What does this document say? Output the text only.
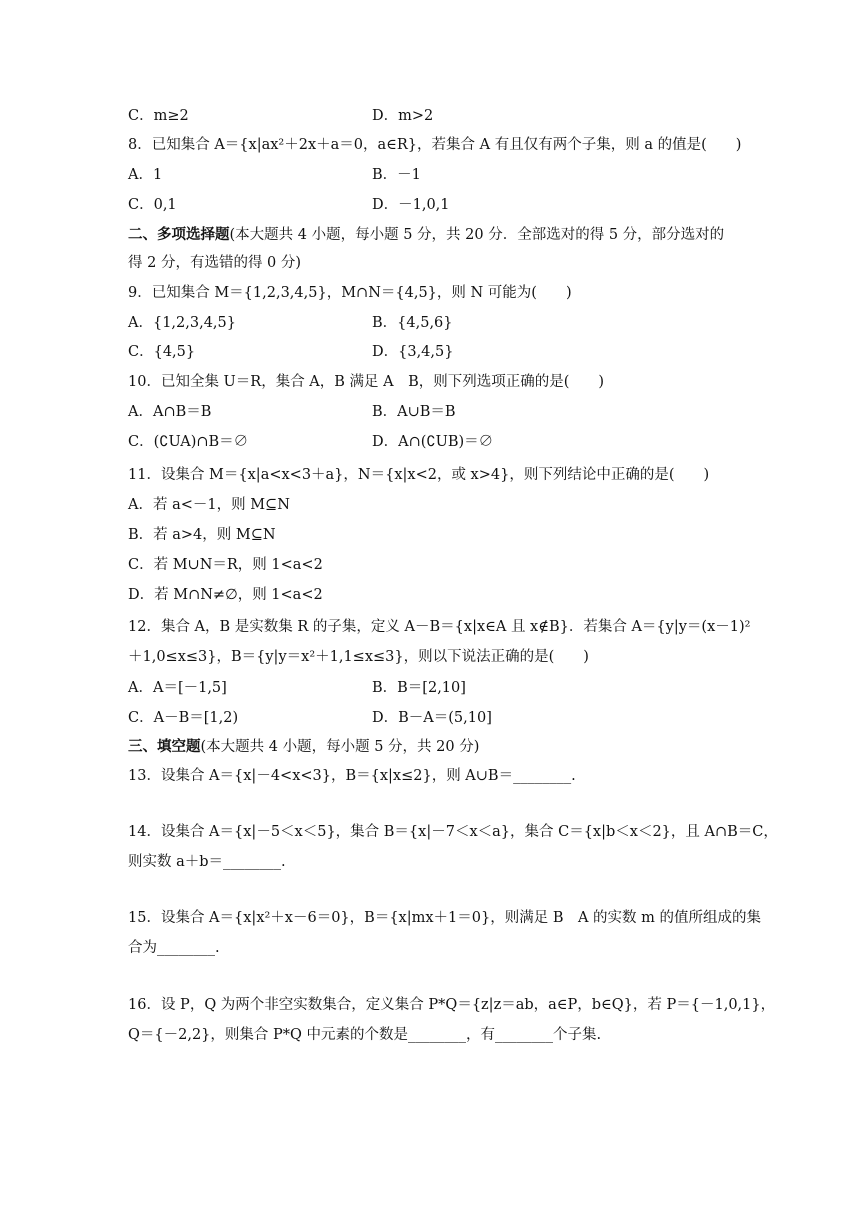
C．m≥2	D．m>2
8．已知集合 A＝{x|ax²＋2x＋a＝0，a∈R}，若集合 A 有且仅有两个子集，则 a 的值是(　　)
A．1	B．－1
C．0,1	D．－1,0,1
二、多项选择题(本大题共 4 小题，每小题 5 分，共 20 分．全部选对的得 5 分，部分选对的
得 2 分，有选错的得 0 分)
9．已知集合 M＝{1,2,3,4,5}，M∩N＝{4,5}，则 N 可能为(　　)
A．{1,2,3,4,5}	B．{4,5,6}
C．{4,5}	D．{3,4,5}
10．已知全集 U＝R，集合 A，B 满足 A　B，则下列选项正确的是(　　)
A．A∩B＝B	B．A∪B＝B
C．(∁UA)∩B＝∅	D．A∩(∁UB)＝∅
11．设集合 M＝{x|a<x<3＋a}，N＝{x|x<2，或 x>4}，则下列结论中正确的是(　　)
A．若 a<－1，则 M⊆N
B．若 a>4，则 M⊆N
C．若 M∪N＝R，则 1<a<2
D．若 M∩N≠∅，则 1<a<2
12．集合 A，B 是实数集 R 的子集，定义 A－B＝{x|x∈A 且 x∉B}．若集合 A＝{y|y＝(x－1)²
＋1,0≤x≤3}，B＝{y|y＝x²＋1,1≤x≤3}，则以下说法正确的是(　　)
A．A＝[－1,5]	B．B＝[2,10]
C．A－B＝[1,2)	D．B－A＝(5,10]
三、填空题(本大题共 4 小题，每小题 5 分，共 20 分)
13．设集合 A＝{x|－4<x<3}，B＝{x|x≤2}，则 A∪B＝________.
14．设集合 A＝{x|－5＜x＜5}，集合 B＝{x|－7＜x＜a}，集合 C＝{x|b＜x＜2}，且 A∩B＝C，
则实数 a＋b＝________.
15．设集合 A＝{x|x²＋x－6＝0}，B＝{x|mx＋1＝0}，则满足 B　A 的实数 m 的值所组成的集
合为________.
16．设 P，Q 为两个非空实数集合，定义集合 P*Q＝{z|z＝ab，a∈P，b∈Q}，若 P＝{－1,0,1}，
Q＝{－2,2}，则集合 P*Q 中元素的个数是________，有________个子集.
